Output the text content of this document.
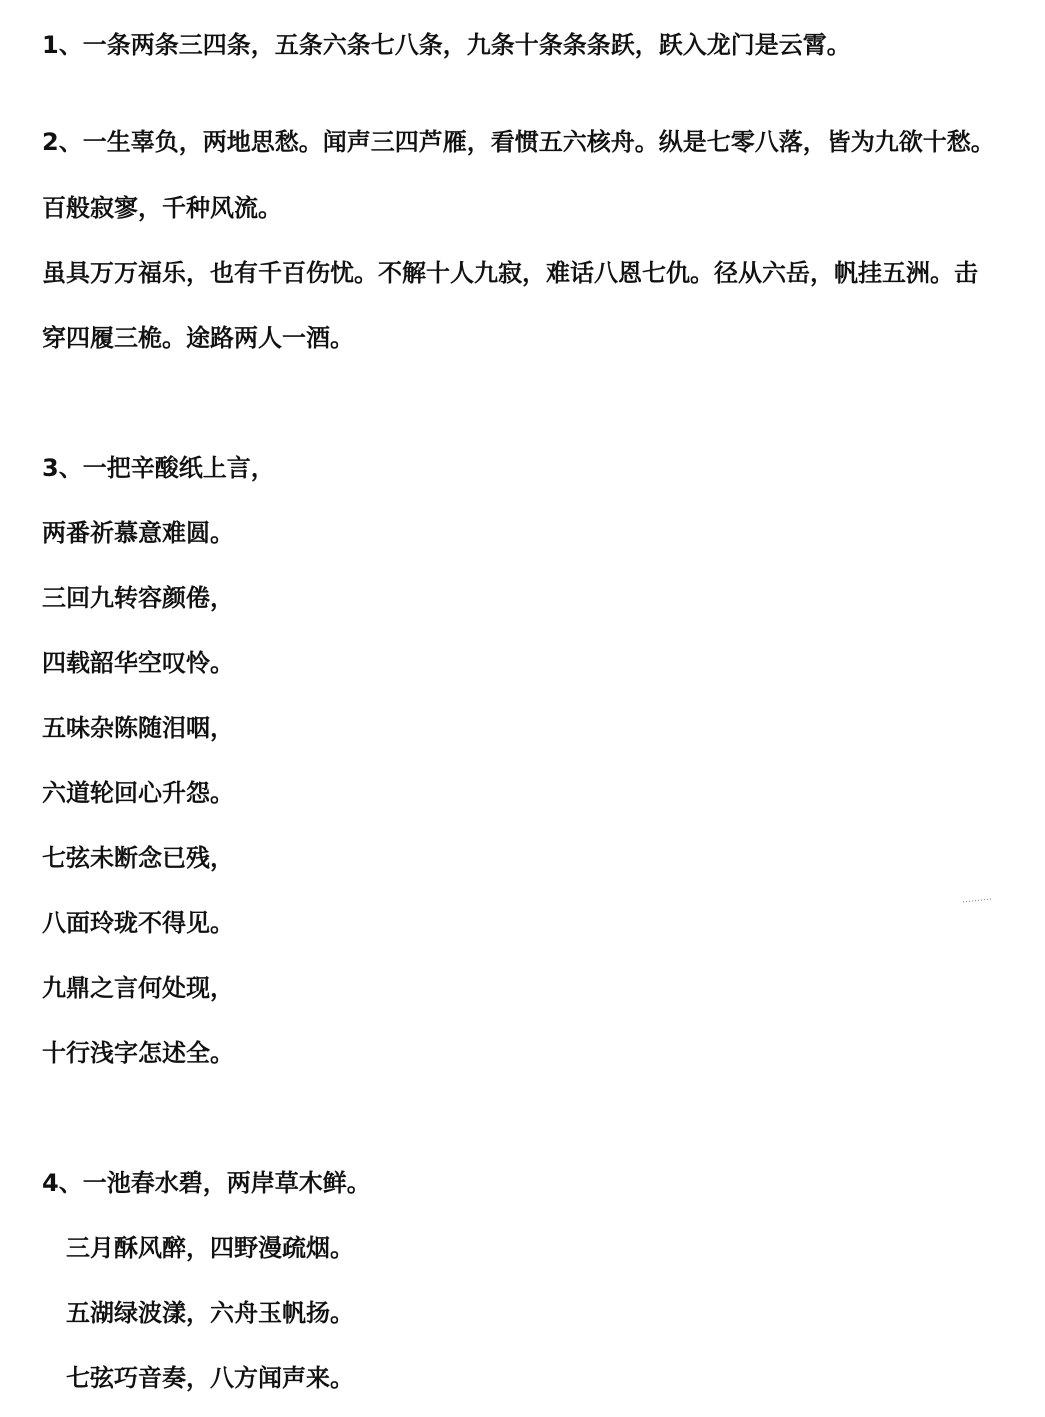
1、一条两条三四条，五条六条七八条，九条十条条条跃，跃入龙门是云霄。
2、一生辜负，两地思愁。闻声三四芦雁，看惯五六核舟。纵是七零八落，皆为九欲十愁。
百般寂寥，千种风流。
虽具万万福乐，也有千百伤忧。不解十人九寂，难话八恩七仇。径从六岳，帆挂五洲。击
穿四履三桅。途路两人一酒。
3、一把辛酸纸上言，
两番祈慕意难圆。
三回九转容颜倦，
四载韶华空叹怜。
五味杂陈随泪咽，
六道轮回心升怨。
七弦未断念已残，
八面玲珑不得见。
九鼎之言何处现，
十行浅字怎述全。
4、一池春水碧，两岸草木鲜。
三月酥风醉，四野漫疏烟。
五湖绿波漾，六舟玉帆扬。
七弦巧音奏，八方闻声来。
